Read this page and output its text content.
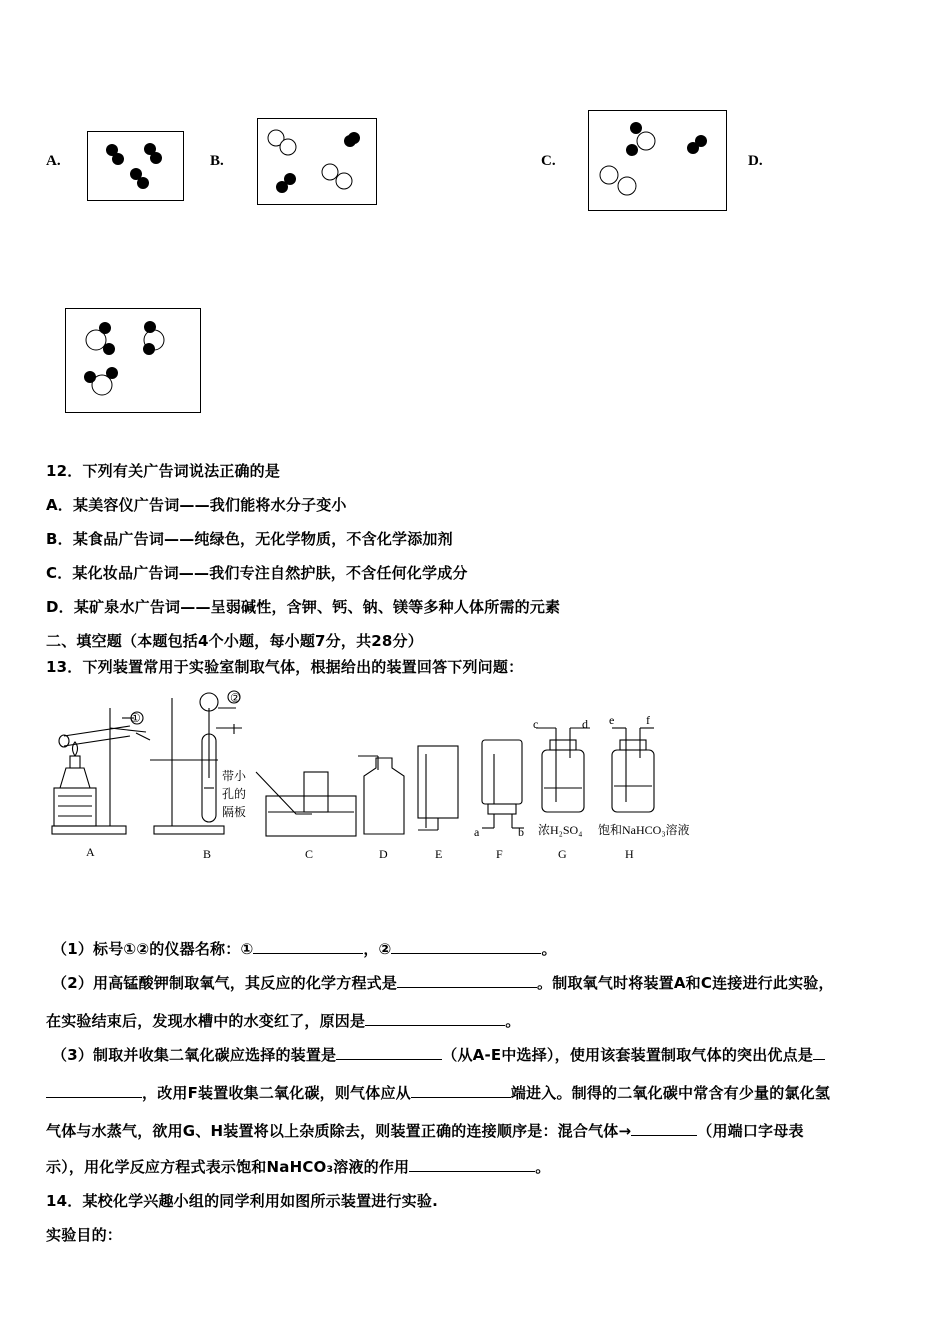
A.	B.	C.	D.
12．下列有关广告词说法正确的是
A．某美容仪广告词——我们能将水分子变小
B．某食品广告词——纯绿色，无化学物质，不含化学添加剂
C．某化妆品广告词——我们专注自然护肤，不含任何化学成分
D．某矿泉水广告词——呈弱碱性，含钾、钙、钠、镁等多种人体所需的元素
二、填空题（本题包括4个小题，每小题7分，共28分）
13．下列装置常用于实验室制取气体，根据给出的装置回答下列问题：
①
②
带小
孔的
隔板
a	b
c	d e	f
浓H₂SO₄ 饱和NaHCO₃溶液
A	B	C	D	E	F	G	H
（1）标号①②的仪器名称：①	，②	。
（2）用高锰酸钾制取氧气，其反应的化学方程式是	。制取氧气时将装置A和C连接进行此实验，
在实验结束后，发现水槽中的水变红了，原因是	。
（3）制取并收集二氧化碳应选择的装置是	（从A-E中选择），使用该套装置制取气体的突出优点是
，改用F装置收集二氧化碳，则气体应从	端进入。制得的二氧化碳中常含有少量的氯化氢
气体与水蒸气，欲用G、H装置将以上杂质除去，则装置正确的连接顺序是：混合气体→	（用端口字母表
示），用化学反应方程式表示饱和NaHCO₃溶液的作用	。
14．某校化学兴趣小组的同学利用如图所示装置进行实验.
实验目的：
